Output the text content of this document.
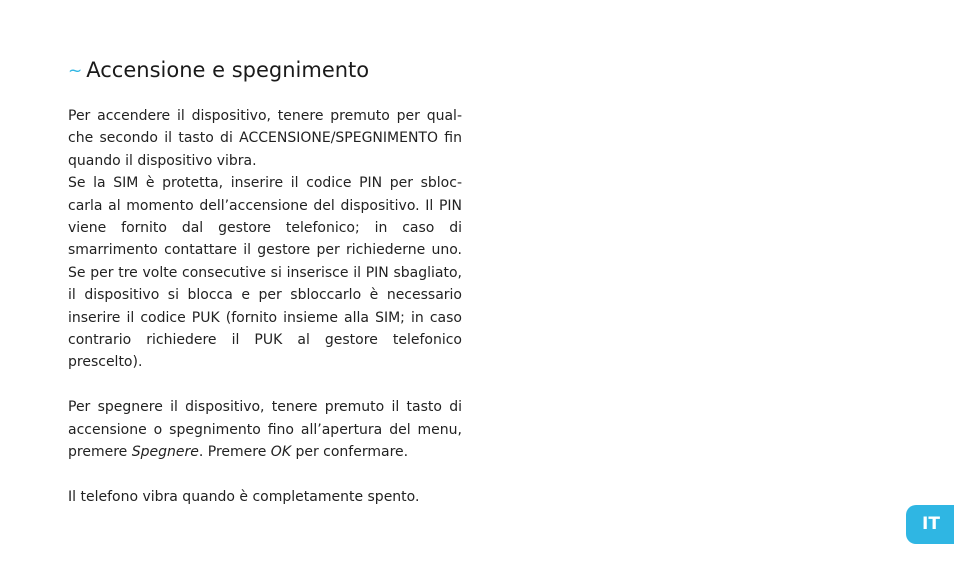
~ Accensione e spegnimento

Per accendere il dispositivo, tenere premuto per qual-che secondo il tasto di ACCENSIONE/SPEGNIMENTO fin quando il dispositivo vibra.

Se la SIM è protetta, inserire il codice PIN per sbloc-carla al momento dell’accensione del dispositivo. Il PIN viene fornito dal gestore telefonico; in caso di smarrimento contattare il gestore per richiederne uno. Se per tre volte consecutive si inserisce il PIN sbagliato, il dispositivo si blocca e per sbloccarlo è necessario inserire il codice PUK (fornito insieme alla SIM; in caso contrario richiedere il PUK al gestore telefonico prescelto).

Per spegnere il dispositivo, tenere premuto il tasto di accensione o spegnimento fino all’apertura del menu, premere Spegnere. Premere OK per confermare.

Il telefono vibra quando è completamente spento.

IT
